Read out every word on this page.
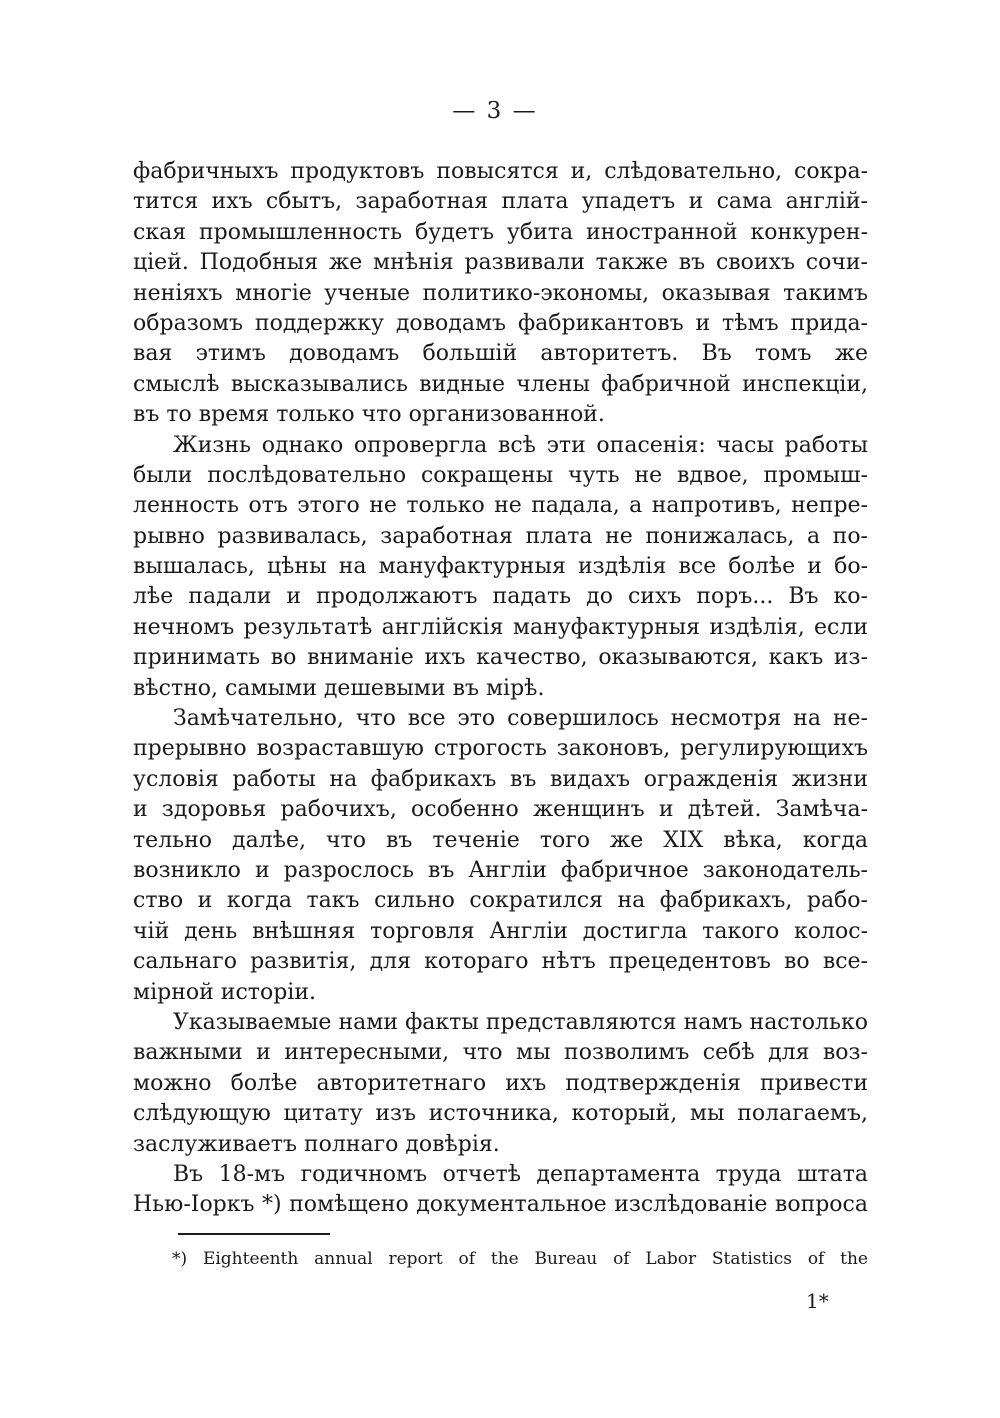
— 3 —
фабричныхъ продуктовъ повысятся и, слѣдовательно, сокра-
тится ихъ сбытъ, заработная плата упадетъ и сама англій-
ская промышленность будетъ убита иностранной конкурен-
ціей. Подобныя же мнѣнія развивали также въ своихъ сочи-
неніяхъ многіе ученые политико-экономы, оказывая такимъ
образомъ поддержку доводамъ фабрикантовъ и тѣмъ прида-
вая этимъ доводамъ большій авторитетъ. Въ томъ же
смыслѣ высказывались видные члены фабричной инспекціи,
въ то время только что организованной.
Жизнь однако опровергла всѣ эти опасенія: часы работы
были послѣдовательно сокращены чуть не вдвое, промыш-
ленность отъ этого не только не падала, а напротивъ, непре-
рывно развивалась, заработная плата не понижалась, а по-
вышалась, цѣны на мануфактурныя издѣлія все болѣе и бо-
лѣе падали и продолжаютъ падать до сихъ поръ... Въ ко-
нечномъ результатѣ англійскія мануфактурныя издѣлія, если
принимать во вниманіе ихъ качество, оказываются, какъ из-
вѣстно, самыми дешевыми въ мірѣ.
Замѣчательно, что все это совершилось несмотря на не-
прерывно возраставшую строгость законовъ, регулирующихъ
условія работы на фабрикахъ въ видахъ огражденія жизни
и здоровья рабочихъ, особенно женщинъ и дѣтей. Замѣча-
тельно далѣе, что въ теченіе того же XIX вѣка, когда
возникло и разрослось въ Англіи фабричное законодатель-
ство и когда такъ сильно сократился на фабрикахъ, рабо-
чій день внѣшняя торговля Англіи достигла такого колос-
сальнаго развитія, для котораго нѣтъ прецедентовъ во все-
мірной исторіи.
Указываемые нами факты представляются намъ настолько
важными и интересными, что мы позволимъ себѣ для воз-
можно болѣе авторитетнаго ихъ подтвержденія привести
слѣдующую цитату изъ источника, который, мы полагаемъ,
заслуживаетъ полнаго довѣрія.
Въ 18-мъ годичномъ отчетѣ департамента труда штата
Нью-Іоркъ *) помѣщено документальное изслѣдованіе вопроса
*) Eighteenth annual report of the Bureau of Labor Statistics of the
1*
